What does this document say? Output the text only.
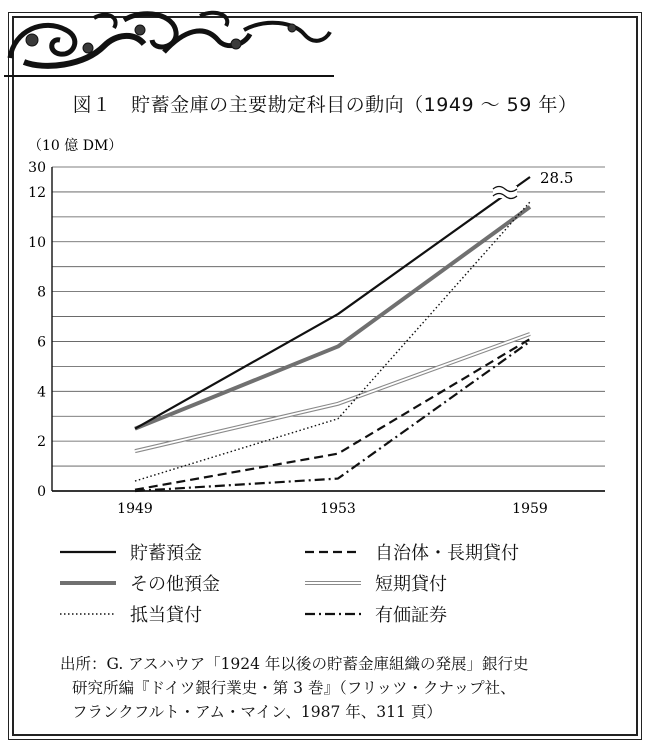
図１　貯蓄金庫の主要勘定科目の動向（1949 ～ 59 年）
0
2
4
6
8
10
12
30
（10 億 DM）
1949	1953	1959
28.5
貯蓄預金	自治体・長期貸付
その他預金	短期貸付
抵当貸付	有価証券
出所：G. アスハウア「1924 年以後の貯蓄金庫組織の発展」銀行史
研究所編『ドイツ銀行業史・第 3 巻』（フリッツ・クナップ社、
フランクフルト・アム・マイン、1987 年、311 頁）
